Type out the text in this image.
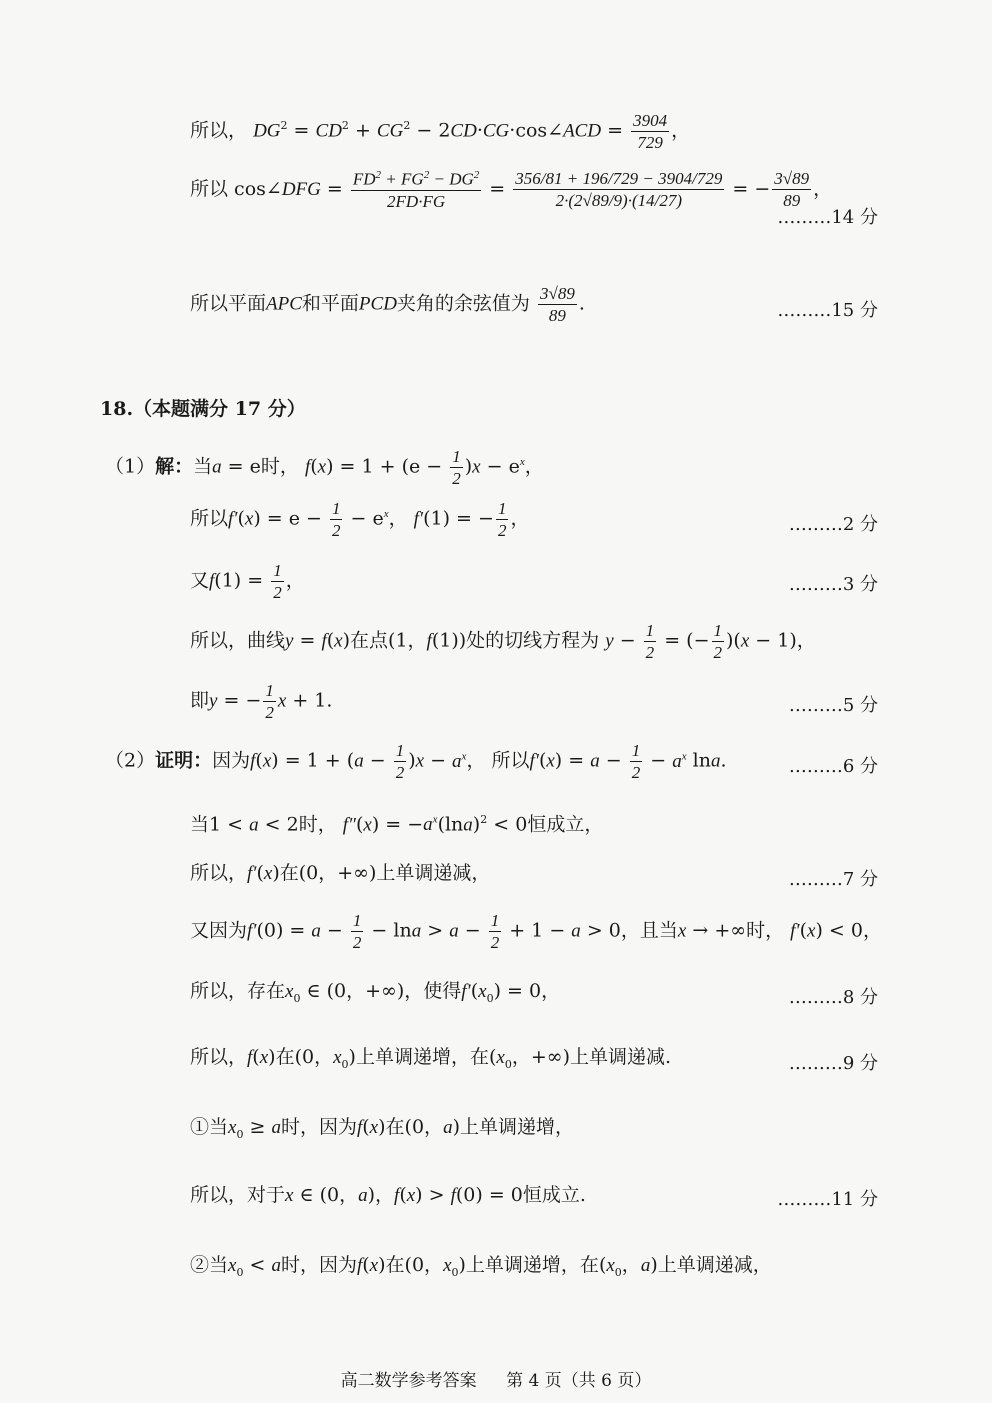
所以， $DG^2 = CD^2 + CG^2$ − 2CD·CG·cos∠ACD = $\frac{3904}{729}$ ，
所以 cos∠DFG = $\frac{FD^2 + FG^2 - DG^2}{2FD\cdot FG} = \frac{356/81 + 196/729 - 3904/729}{2\cdot(2√89/9)\cdot(14/27)}$ = − $\frac{3√89}{89}$ ，
………14 分
所以平面APC和平面PCD夹角的余弦值为 $\frac{3√89}{89}$ .	………15 分
18.（本题满分 17 分）
（1）解：当a = e时， $f(x) = 1 + (e - \frac{1}{2} )x - e^x$，
所以$f'(x) = e - \frac{1}{2} - e^x$， f′(1) = − $\frac{1}{2}$ ，	………2 分
又$f(1) = \frac{1}{2}$ ，	………3 分
所以，曲线y = f(x)在点(1，f(1))处的切线方程为 $y - \frac{1}{2}$ = (− $\frac{1}{2} )(x - 1)$，
即y = − $\frac{1}{2}$ x + 1.	………5 分
（2）证明：因为$f(x) = 1 + (a - \frac{1}{2} )x - a^x$， 所以$f'(x) = a - \frac{1}{2} - a^x$ lna.	………6 分
当1 < a < 2时， $f''(x) = -a^x(\ln a)^2 < 0$恒成立，
所以，f′(x)在(0，+∞)上单调递减，	………7 分
又因为$f'(0) = a - \frac{1}{2} - \ln a > a - \frac{1}{2} + 1 - a > 0$，且当x → +∞时， f′(x) < 0，
所以，存在$x_0$ ∈ (0，+∞)，使得$f'(x_0) = 0$，	………8 分
所以，f(x)在(0，$x_0$)上单调递增，在($x_0$，+∞)上单调递减.	………9 分
①当$x_0 \ge a$时，因为f(x)在(0，a)上单调递增，
所以，对于x ∈ (0，a)，f(x) > f(0) = 0恒成立.	………11 分
②当$x_0 < a$时，因为f(x)在(0，$x_0$)上单调递增，在($x_0$，a)上单调递减，
高二数学参考答案 第 4 页（共 6 页）
